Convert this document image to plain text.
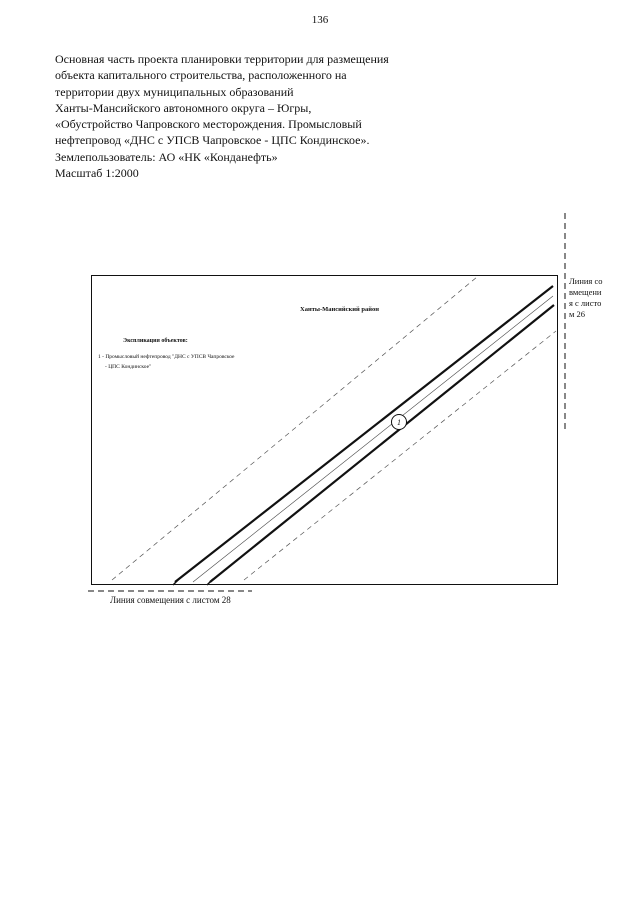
136
Основная часть проекта планировки территории для размещения
объекта капитального строительства, расположенного на
территории двух муниципальных образований
Ханты-Мансийского автономного округа – Югры,
«Обустройство Чапровского месторождения. Промысловый
нефтепровод «ДНС с УПСВ Чапровское - ЦПС Кондинское».
Землепользователь: АО «НК «Конданефть»
Масштаб 1:2000
Ханты-Мансийский район
Экспликация объектов:
1 - Промысловый нефтепровод "ДНС с УПСВ Чапровское
- ЦПС Кондинское"
1
Линия совмещения с листом 26
Линия совмещения с листом 28
